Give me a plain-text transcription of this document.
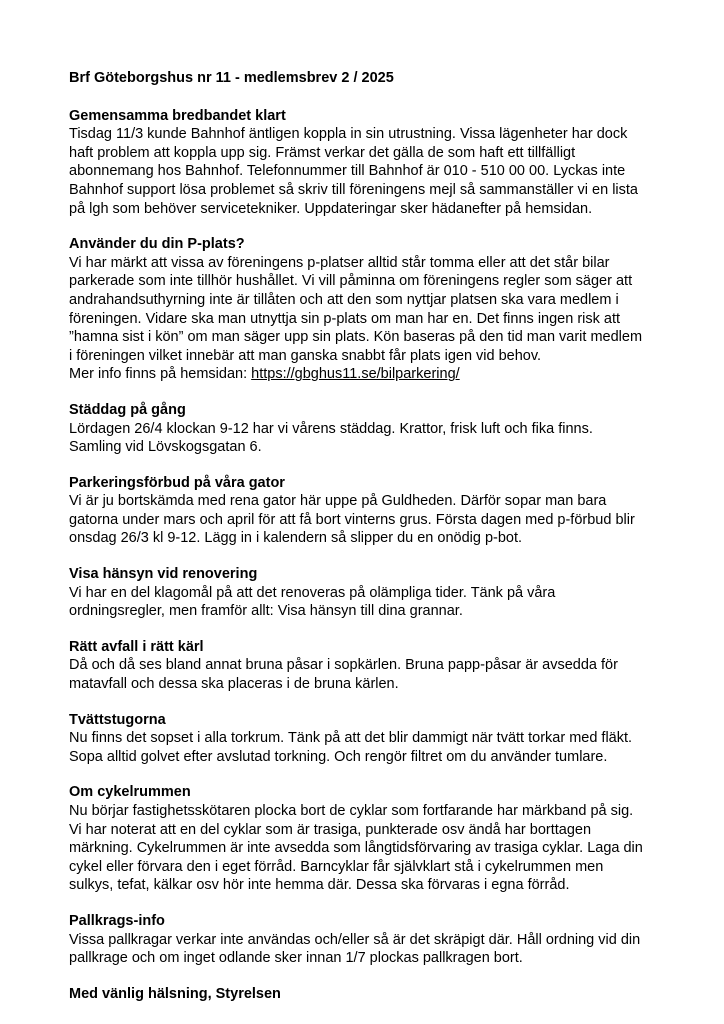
Brf Göteborgshus nr 11 - medlemsbrev 2 / 2025
Gemensamma bredbandet klart
Tisdag 11/3 kunde Bahnhof äntligen koppla in sin utrustning. Vissa lägenheter har dock
haft problem att koppla upp sig. Främst verkar det gälla de som haft ett tillfälligt
abonnemang hos Bahnhof. Telefonnummer till Bahnhof är 010 - 510 00 00. Lyckas inte
Bahnhof support lösa problemet så skriv till föreningens mejl så sammanställer vi en lista
på lgh som behöver servicetekniker. Uppdateringar sker hädanefter på hemsidan.
Använder du din P-plats?
Vi har märkt att vissa av föreningens p-platser alltid står tomma eller att det står bilar
parkerade som inte tillhör hushållet. Vi vill påminna om föreningens regler som säger att
andrahandsuthyrning inte är tillåten och att den som nyttjar platsen ska vara medlem i
föreningen. Vidare ska man utnyttja sin p-plats om man har en. Det finns ingen risk att
”hamna sist i kön” om man säger upp sin plats. Kön baseras på den tid man varit medlem
i föreningen vilket innebär att man ganska snabbt får plats igen vid behov.
Mer info finns på hemsidan: https://gbghus11.se/bilparkering/
Städdag på gång
Lördagen 26/4 klockan 9-12 har vi vårens städdag. Krattor, frisk luft och fika finns.
Samling vid Lövskogsgatan 6.
Parkeringsförbud på våra gator
Vi är ju bortskämda med rena gator här uppe på Guldheden. Därför sopar man bara
gatorna under mars och april för att få bort vinterns grus. Första dagen med p-förbud blir
onsdag 26/3 kl 9-12. Lägg in i kalendern så slipper du en onödig p-bot.
Visa hänsyn vid renovering
Vi har en del klagomål på att det renoveras på olämpliga tider. Tänk på våra
ordningsregler, men framför allt: Visa hänsyn till dina grannar.
Rätt avfall i rätt kärl
Då och då ses bland annat bruna påsar i sopkärlen. Bruna papp-påsar är avsedda för
matavfall och dessa ska placeras i de bruna kärlen.
Tvättstugorna
Nu finns det sopset i alla torkrum. Tänk på att det blir dammigt när tvätt torkar med fläkt.
Sopa alltid golvet efter avslutad torkning. Och rengör filtret om du använder tumlare.
Om cykelrummen
Nu börjar fastighetsskötaren plocka bort de cyklar som fortfarande har märkband på sig.
Vi har noterat att en del cyklar som är trasiga, punkterade osv ändå har borttagen
märkning. Cykelrummen är inte avsedda som långtidsförvaring av trasiga cyklar. Laga din
cykel eller förvara den i eget förråd. Barncyklar får självklart stå i cykelrummen men
sulkys, tefat, kälkar osv hör inte hemma där. Dessa ska förvaras i egna förråd.
Pallkrags-info
Vissa pallkragar verkar inte användas och/eller så är det skräpigt där. Håll ordning vid din
pallkrage och om inget odlande sker innan 1/7 plockas pallkragen bort.
Med vänlig hälsning, Styrelsen
